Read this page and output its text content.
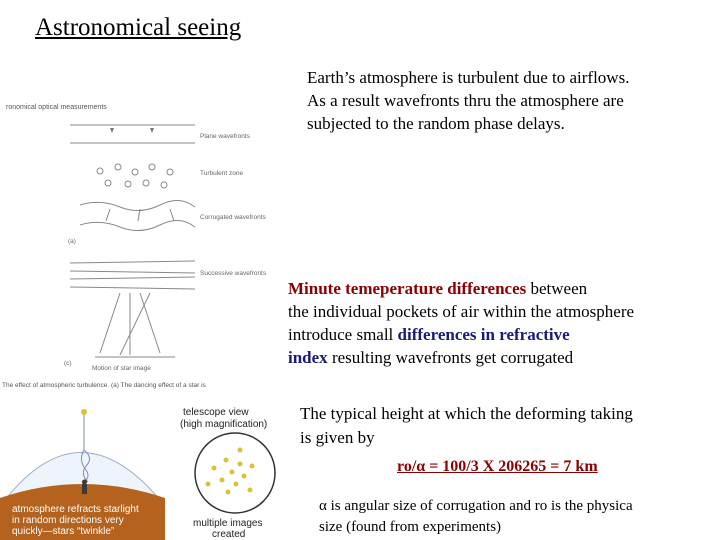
Astronomical seeing
Earth’s atmosphere is turbulent due to airflows.
As a result wavefronts thru the atmosphere are
subjected to the random phase delays.
Minute temeperature differences between
the individual pockets of air within the atmosphere
introduce small differences in refractive
index resulting wavefronts get corrugated
The typical height at which the deforming taking
is given by
ro/α = 100/3 X 206265 = 7 km
α is angular size of corrugation and ro is the physica
size (found from experiments)
ronomical optical measurements
Plane wavefronts
Turbulent zone
Corrugated wavefronts
(a)
Successive wavefronts
(c)
Motion of star image
The effect of atmospheric turbulence. (a) The dancing effect of a star is
atmosphere refracts starlight
in random directions very
quickly—stars “twinkle”
telescope view
(high magnification)
multiple images
created
